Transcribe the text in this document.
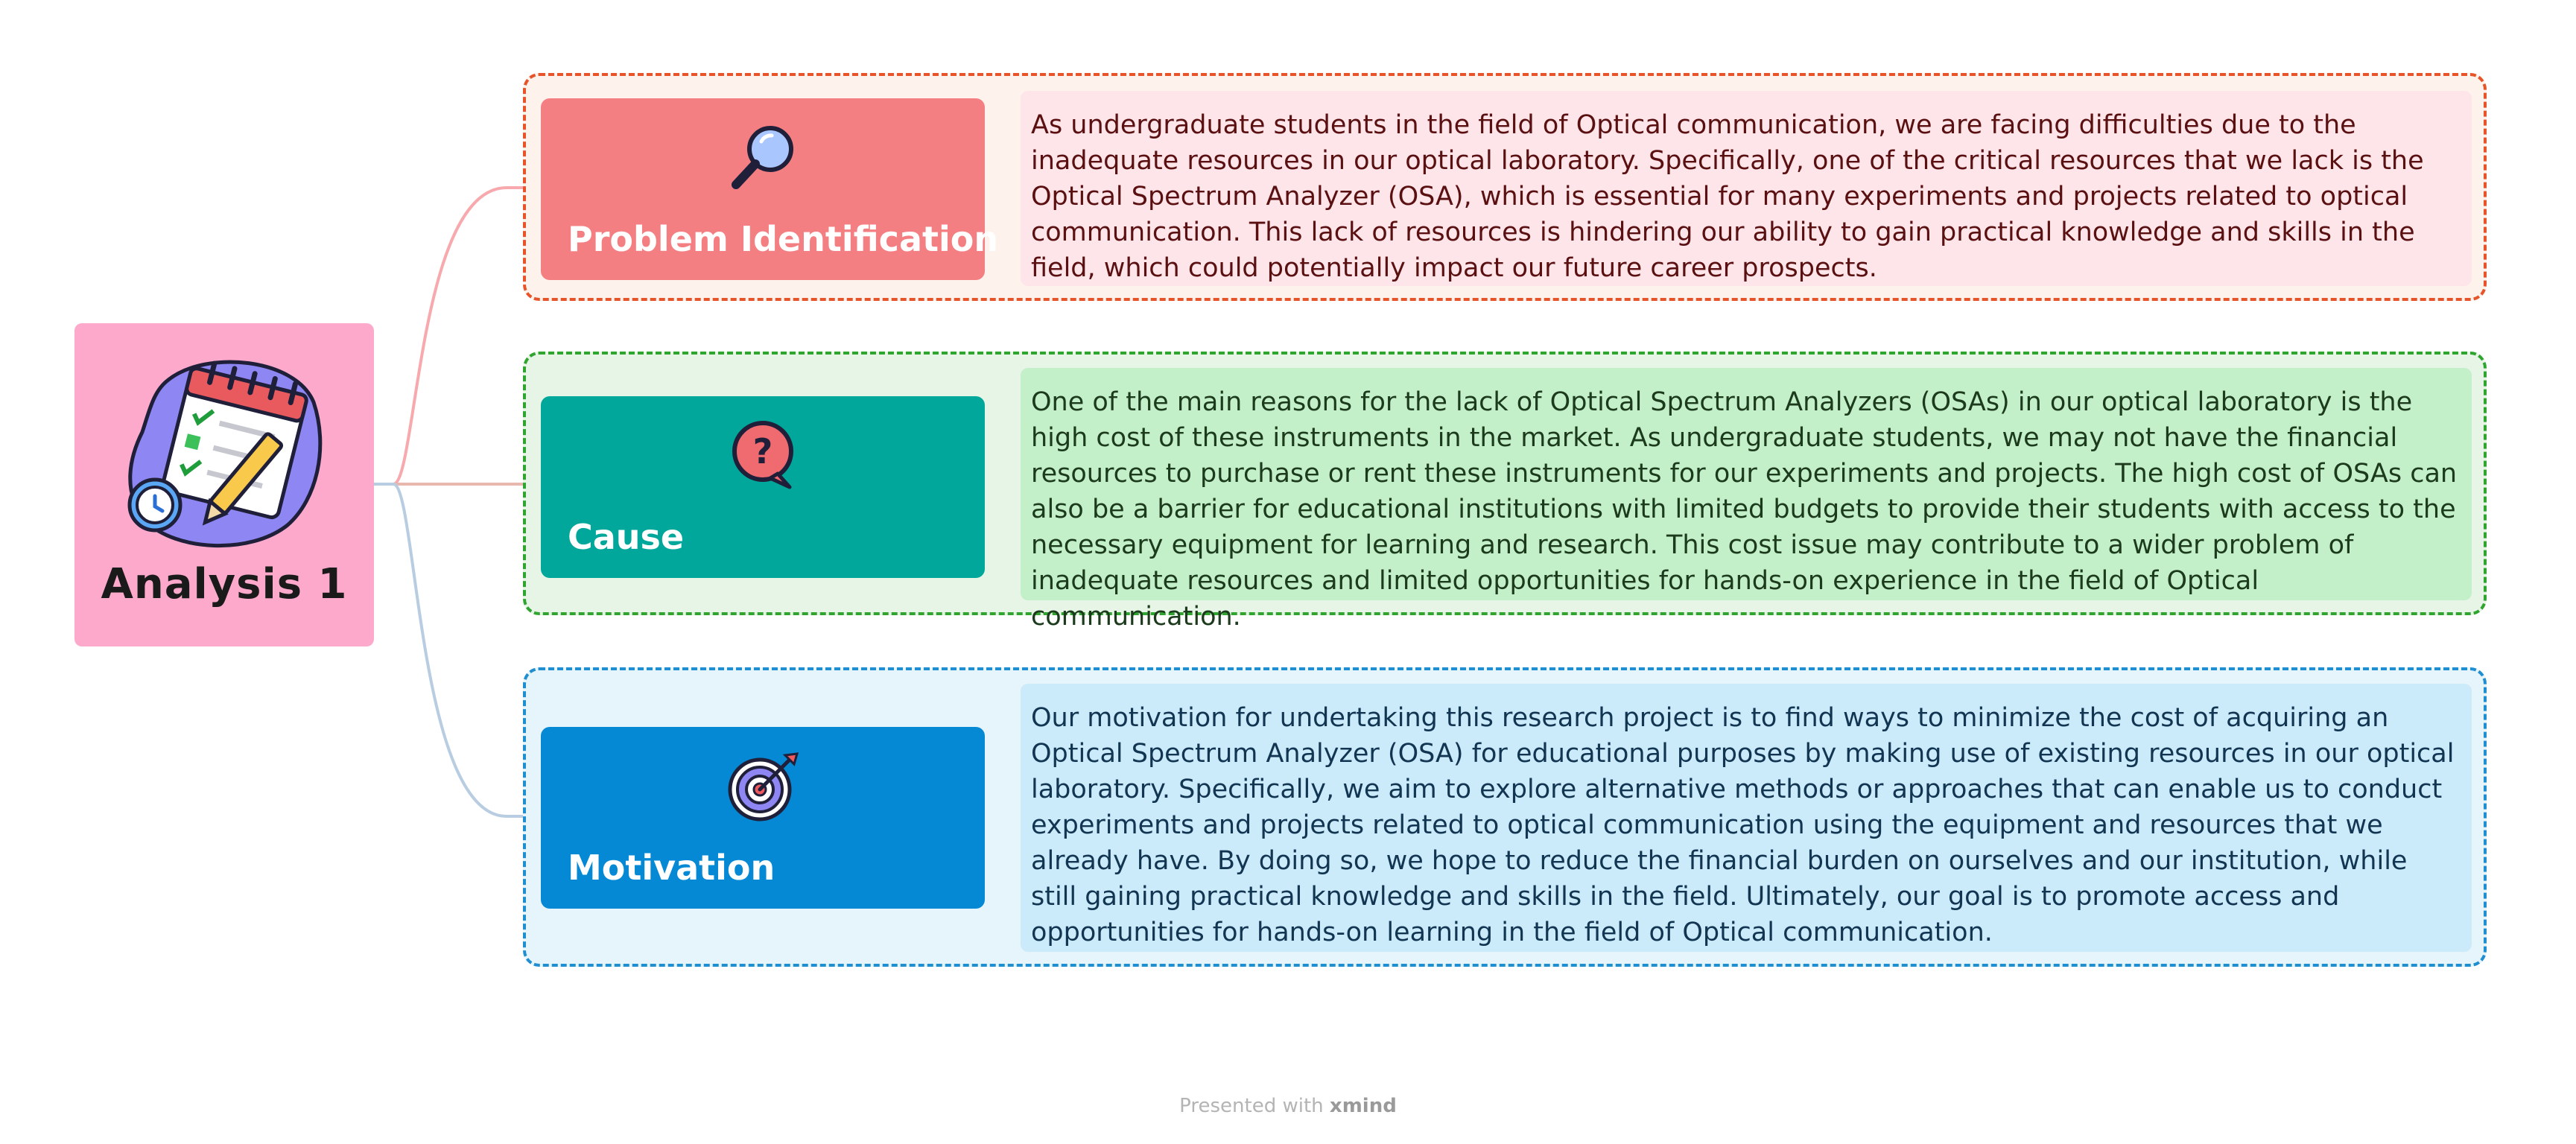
Analysis 1
Problem Identification
As undergraduate students in the field of Optical communication, we are facing difficulties due to the inadequate resources in our optical laboratory. Specifically, one of the critical resources that we lack is the Optical Spectrum Analyzer (OSA), which is essential for many experiments and projects related to optical communication. This lack of resources is hindering our ability to gain practical knowledge and skills in the field, which could potentially impact our future career prospects.
?
Cause
One of the main reasons for the lack of Optical Spectrum Analyzers (OSAs) in our optical laboratory is the high cost of these instruments in the market. As undergraduate students, we may not have the financial resources to purchase or rent these instruments for our experiments and projects. The high cost of OSAs can also be a barrier for educational institutions with limited budgets to provide their students with access to the necessary equipment for learning and research. This cost issue may contribute to a wider problem of inadequate resources and limited opportunities for hands-on experience in the field of Optical communication.
Motivation
Our motivation for undertaking this research project is to find ways to minimize the cost of acquiring an Optical Spectrum Analyzer (OSA) for educational purposes by making use of existing resources in our optical laboratory. Specifically, we aim to explore alternative methods or approaches that can enable us to conduct experiments and projects related to optical communication using the equipment and resources that we already have. By doing so, we hope to reduce the financial burden on ourselves and our institution, while still gaining practical knowledge and skills in the field. Ultimately, our goal is to promote access and opportunities for hands-on learning in the field of Optical communication.
Presented with xmind
